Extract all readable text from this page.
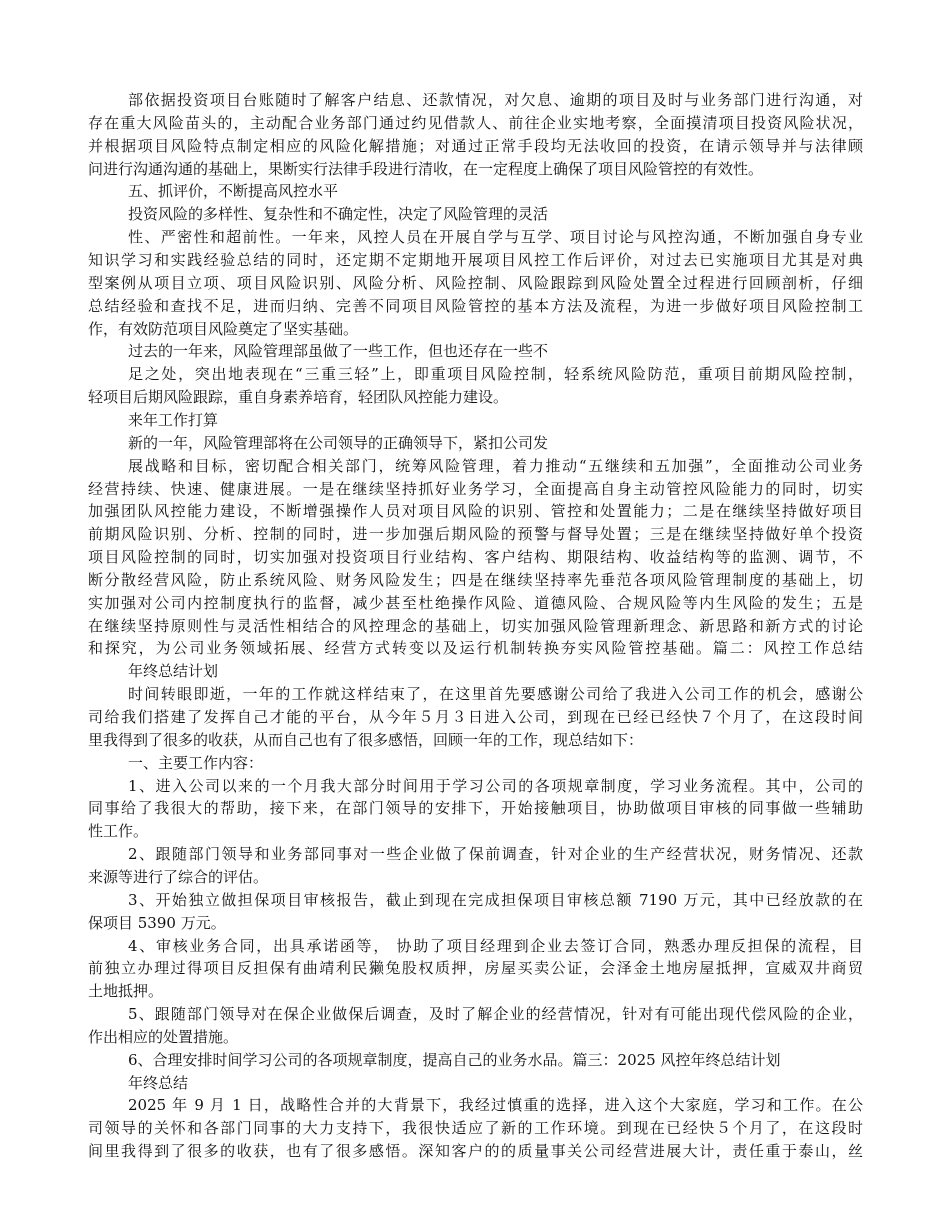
部依据投资项目台账随时了解客户结息、还款情况，对欠息、逾期的项目及时与业务部门进行沟通，对
存在重大风险苗头的，主动配合业务部门通过约见借款人、前往企业实地考察，全面摸清项目投资风险状况，
并根据项目风险特点制定相应的风险化解措施；对通过正常手段均无法收回的投资，在请示领导并与法律顾
问进行沟通沟通的基础上，果断实行法律手段进行清收，在一定程度上确保了项目风险管控的有效性。
五、抓评价，不断提高风控水平
投资风险的多样性、复杂性和不确定性，决定了风险管理的灵活
性、严密性和超前性。一年来，风控人员在开展自学与互学、项目讨论与风控沟通，不断加强自身专业
知识学习和实践经验总结的同时，还定期不定期地开展项目风控工作后评价，对过去已实施项目尤其是对典
型案例从项目立项、项目风险识别、风险分析、风险控制、风险跟踪到风险处置全过程进行回顾剖析，仔细
总结经验和查找不足，进而归纳、完善不同项目风险管控的基本方法及流程，为进一步做好项目风险控制工
作，有效防范项目风险奠定了坚实基础。
过去的一年来，风险管理部虽做了一些工作，但也还存在一些不
足之处，突出地表现在“三重三轻”上，即重项目风险控制，轻系统风险防范，重项目前期风险控制，
轻项目后期风险跟踪，重自身素养培育，轻团队风控能力建设。
来年工作打算
新的一年，风险管理部将在公司领导的正确领导下，紧扣公司发
展战略和目标，密切配合相关部门，统筹风险管理，着力推动“五继续和五加强”，全面推动公司业务
经营持续、快速、健康进展。一是在继续坚持抓好业务学习，全面提高自身主动管控风险能力的同时，切实
加强团队风控能力建设，不断增强操作人员对项目风险的识别、管控和处置能力；二是在继续坚持做好项目
前期风险识别、分析、控制的同时，进一步加强后期风险的预警与督导处置；三是在继续坚持做好单个投资
项目风险控制的同时，切实加强对投资项目行业结构、客户结构、期限结构、收益结构等的监测、调节，不
断分散经营风险，防止系统风险、财务风险发生；四是在继续坚持率先垂范各项风险管理制度的基础上，切
实加强对公司内控制度执行的监督，减少甚至杜绝操作风险、道德风险、合规风险等内生风险的发生；五是
在继续坚持原则性与灵活性相结合的风控理念的基础上，切实加强风险管理新理念、新思路和新方式的讨论
和探究，为公司业务领域拓展、经营方式转变以及运行机制转换夯实风险管控基础。篇二：风控工作总结
年终总结计划
时间转眼即逝，一年的工作就这样结束了，在这里首先要感谢公司给了我进入公司工作的机会，感谢公
司给我们搭建了发挥自己才能的平台，从今年５月３日进入公司，到现在已经已经快７个月了，在这段时间
里我得到了很多的收获，从而自己也有了很多感悟，回顾一年的工作，现总结如下：
一、主要工作内容：
1、进入公司以来的一个月我大部分时间用于学习公司的各项规章制度，学习业务流程。其中，公司的
同事给了我很大的帮助，接下来，在部门领导的安排下，开始接触项目，协助做项目审核的同事做一些辅助
性工作。
2、跟随部门领导和业务部同事对一些企业做了保前调查，针对企业的生产经营状况，财务情况、还款
来源等进行了综合的评估。
3、开始独立做担保项目审核报告，截止到现在完成担保项目审核总额 7190 万元，其中已经放款的在
保项目 5390 万元。
4、审核业务合同，出具承诺函等， 协助了项目经理到企业去签订合同，熟悉办理反担保的流程，目
前独立办理过得项目反担保有曲靖利民獭兔股权质押，房屋买卖公证，会泽金土地房屋抵押，宣威双井商贸
土地抵押。
5、跟随部门领导对在保企业做保后调查，及时了解企业的经营情况，针对有可能出现代偿风险的企业，
作出相应的处置措施。
6、合理安排时间学习公司的各项规章制度，提高自己的业务水品。篇三：2025 风控年终总结计划
年终总结
2025 年 9 月 1 日，战略性合并的大背景下，我经过慎重的选择，进入这个大家庭，学习和工作。在公
司领导的关怀和各部门同事的大力支持下，我很快适应了新的工作环境。到现在已经快５个月了，在这段时
间里我得到了很多的收获，也有了很多感悟。深知客户的的质量事关公司经营进展大计，责任重于泰山，丝
